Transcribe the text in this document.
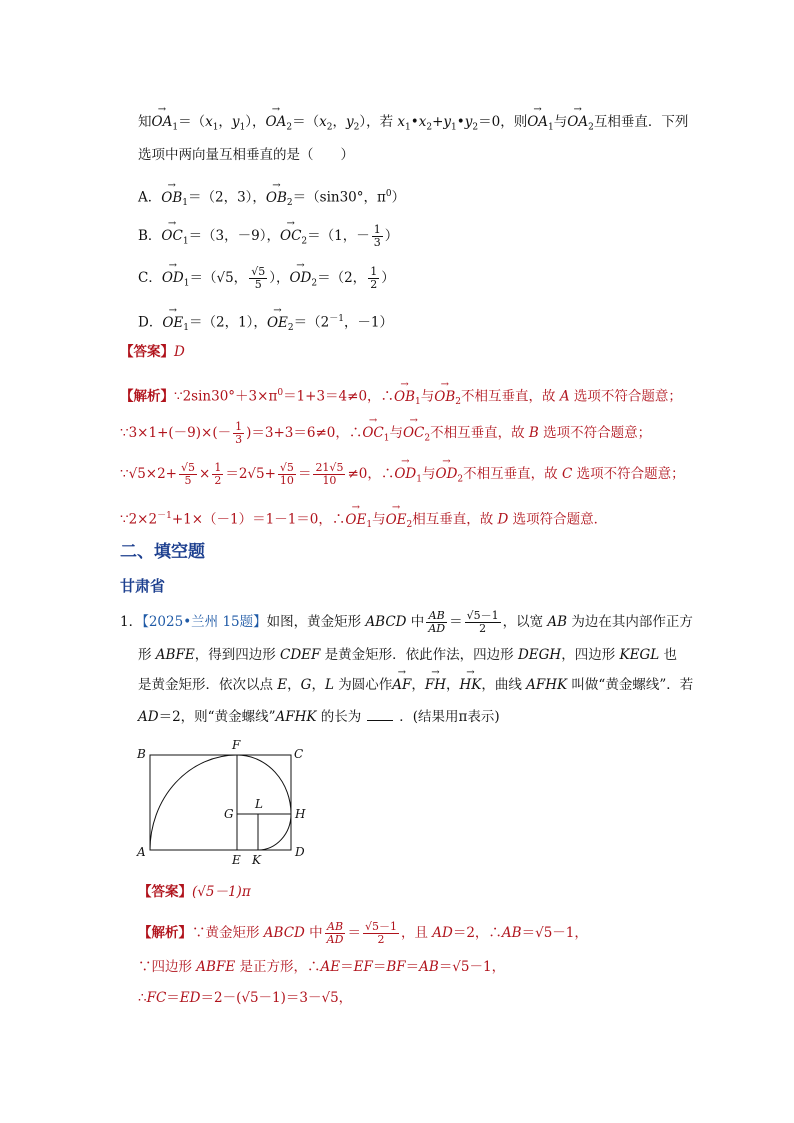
知→ $OA_1=(x_1$，$y_1$），→ $OA_2=(x_2$，$y_2$），若 $x_1•x_2+y_1•y_2=0$，则→ $OA_1$与→ $OA_2$互相垂直．下列
选项中两向量互相垂直的是（　　）
A．→ $OB_1=(2$，3），→ $OB_2=(\sin 30^\circ$，$\pi^0$）
B．→ $OC_1=(3$，－9），→ $OC_2=(1$，－ $\frac{1}{3}$ ）
C．→ $OD_1=(√5$， $\frac{√5}{5}$ ），→ $OD_2=(2$， $\frac{1}{2}$ ）
D．→ $OE_1=(2$，1），→ $OE_2=(2^{-1}$，－1）
【答案】D
【解析】$\because 2\sin 30^\circ+3\times\pi^0=1+3=4\ne 0$，∴→ $OB_1$与→ $OB_2$不相互垂直，故 A 选项不符合题意；
∵3×1+(－9)×(－ $\frac{1}{3} )=3+3=6\ne 0$，∴→ $OC_1$与→ $OC_2$不相互垂直，故 B 选项不符合题意；
∵√5×2+ $\frac{√5}{5} \times \frac{1}{2} =2√5+ \frac{√5}{10} = \frac{21√5}{10} \ne 0$，∴→ $OD_1$与→ $OD_2$不相互垂直，故 C 选项不符合题意；
$\because 2\times 2^{-1}+1\times(-1)=1-1=0$，∴→ $OE_1$与→ $OE_2$相互垂直，故 D 选项符合题意．
二、填空题
甘肃省
1．【2025•兰州 15题】如图，黄金矩形 ABCD 中 $\frac{AB}{AD} = \frac{√5-1}{2}$ ，以宽 AB 为边在其内部作正方
形 ABFE，得到四边形 CDEF 是黄金矩形．依此作法，四边形 DEGH，四边形 KEGL 也
是黄金矩形．依次以点 E，G，L 为圆心作→ AF，→ FH，→ HK，曲线 AFHK 叫做“黄金螺线”．若
AD＝2，则“黄金螺线”AFHK 的长为	．(结果用π表示)
B
F
C
G
L
H
A
E K
D
【答案】(√5－1)π
【解析】∵黄金矩形 ABCD 中 $\frac{AB}{AD} = \frac{√5-1}{2}$ ，且 AD＝2，∴AB＝√5－1，
∵四边形 ABFE 是正方形，∴AE＝EF＝BF＝AB＝√5－1，
∴FC＝ED＝2－(√5－1)＝3－√5，
